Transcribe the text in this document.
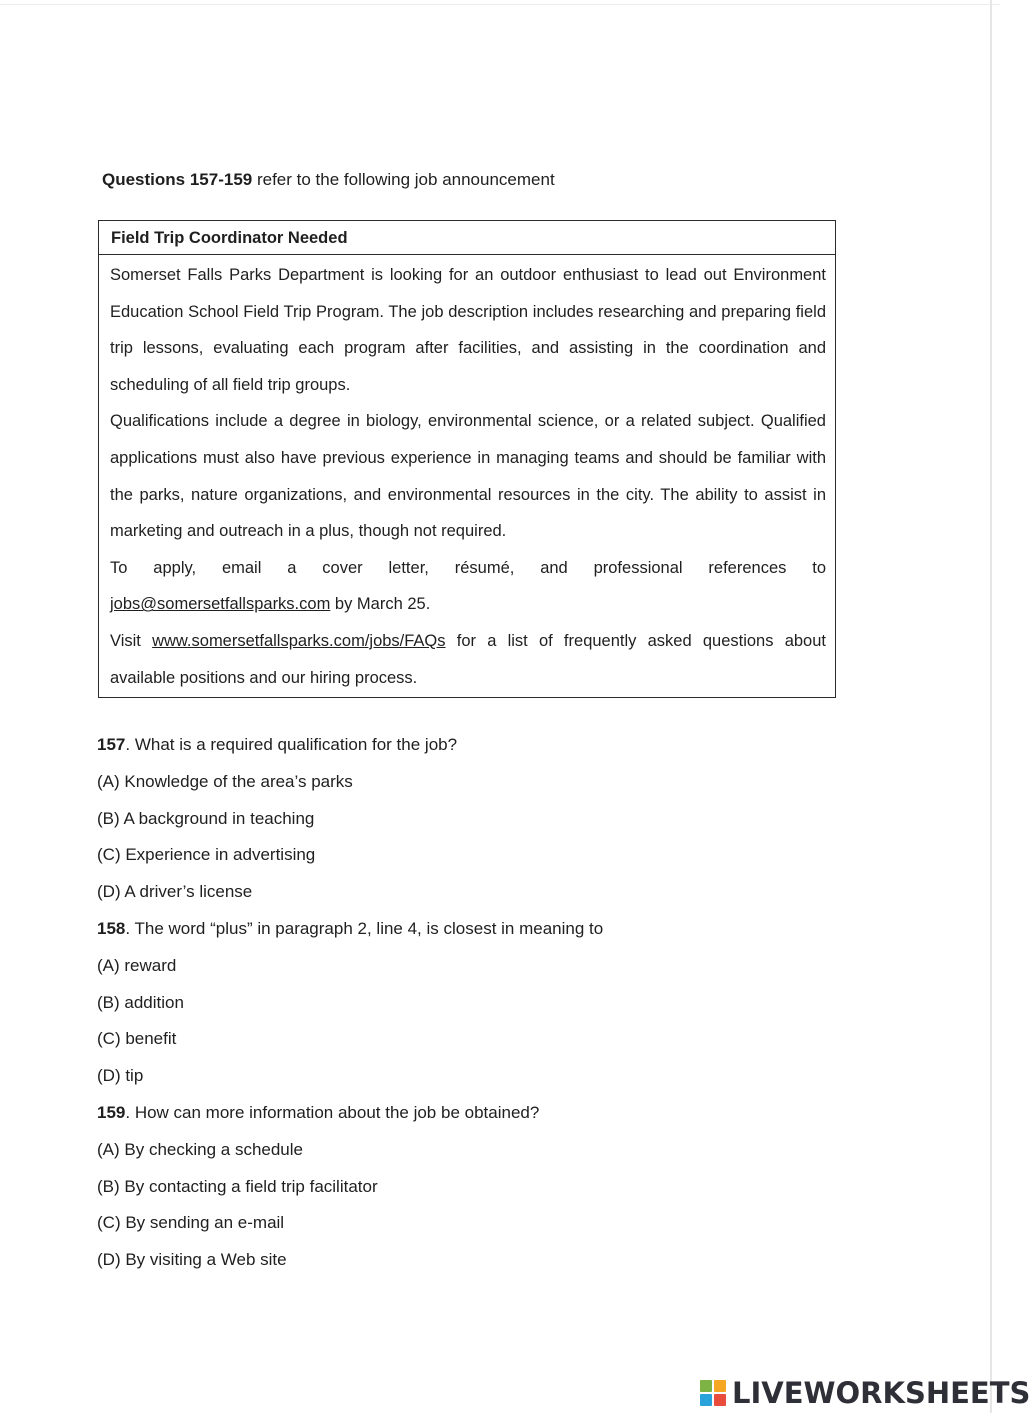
Questions 157-159 refer to the following job announcement
Field Trip Coordinator Needed

Somerset Falls Parks Department is looking for an outdoor enthusiast to lead out Environment Education School Field Trip Program. The job description includes researching and preparing field trip lessons, evaluating each program after facilities, and assisting in the coordination and scheduling of all field trip groups.

Qualifications include a degree in biology, environmental science, or a related subject. Qualified applications must also have previous experience in managing teams and should be familiar with the parks, nature organizations, and environmental resources in the city. The ability to assist in marketing and outreach in a plus, though not required.

To apply, email a cover letter, résumé, and professional references to jobs@somersetfallsparks.com by March 25.

Visit www.somersetfallsparks.com/jobs/FAQs for a list of frequently asked questions about available positions and our hiring process.

157. What is a required qualification for the job?
(A) Knowledge of the area’s parks
(B) A background in teaching
(C) Experience in advertising
(D) A driver’s license
158. The word “plus” in paragraph 2, line 4, is closest in meaning to
(A) reward
(B) addition
(C) benefit
(D) tip
159. How can more information about the job be obtained?
(A) By checking a schedule
(B) By contacting a field trip facilitator
(C) By sending an e-mail
(D) By visiting a Web site
LIVEWORKSHEETS
